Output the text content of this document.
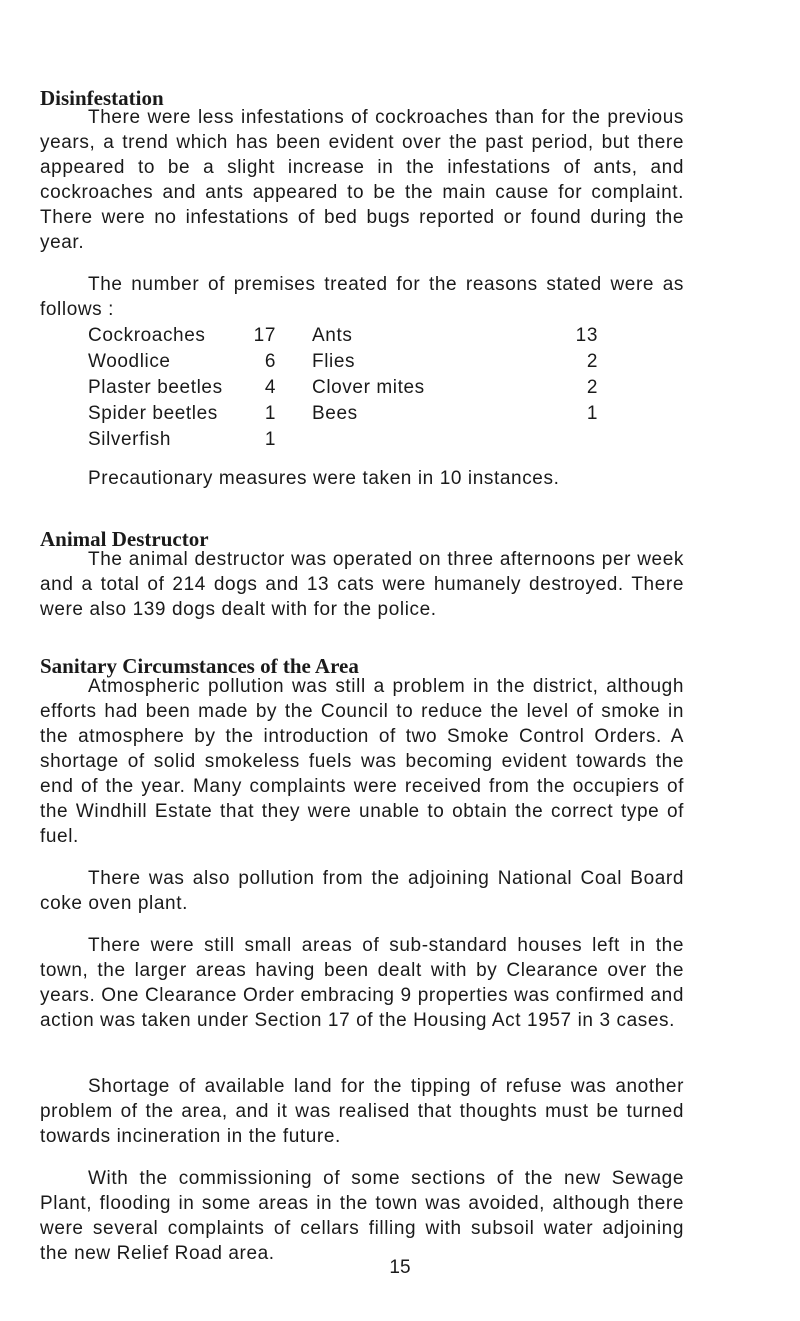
Disinfestation

There were less infestations of cockroaches than for the previous years, a trend which has been evident over the past period, but there appeared to be a slight increase in the infestations of ants, and cockroaches and ants appeared to be the main cause for complaint. There were no infestations of bed bugs reported or found during the year.

The number of premises treated for the reasons stated were as follows :

Cockroaches	17 Ants	13
Woodlice	6 Flies	2
Plaster beetles	4 Clover mites	2
Spider beetles	1 Bees	1
Silverfish	1

Precautionary measures were taken in 10 instances.

Animal Destructor

The animal destructor was operated on three afternoons per week and a total of 214 dogs and 13 cats were humanely destroyed. There were also 139 dogs dealt with for the police.

Sanitary Circumstances of the Area

Atmospheric pollution was still a problem in the district, although efforts had been made by the Council to reduce the level of smoke in the atmosphere by the introduction of two Smoke Control Orders. A shortage of solid smokeless fuels was becoming evident towards the end of the year. Many complaints were received from the occupiers of the Windhill Estate that they were unable to obtain the correct type of fuel.

There was also pollution from the adjoining National Coal Board coke oven plant.

There were still small areas of sub-standard houses left in the town, the larger areas having been dealt with by Clearance over the years. One Clearance Order embracing 9 properties was confirmed and action was taken under Section 17 of the Housing Act 1957 in 3 cases.

Shortage of available land for the tipping of refuse was another problem of the area, and it was realised that thoughts must be turned towards incineration in the future.

With the commissioning of some sections of the new Sewage Plant, flooding in some areas in the town was avoided, although there were several complaints of cellars filling with subsoil water adjoining the new Relief Road area.

15
